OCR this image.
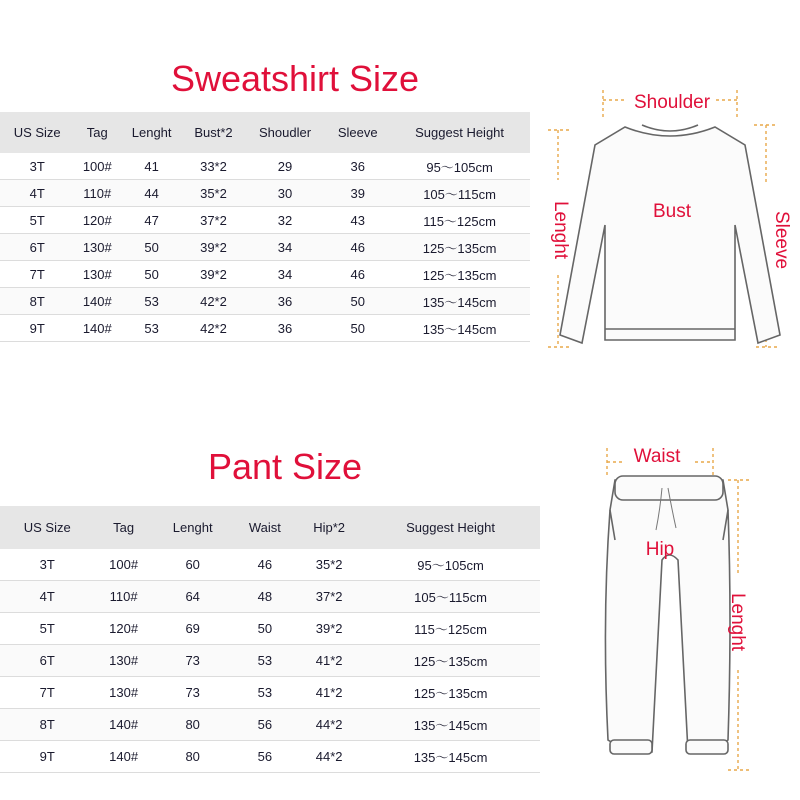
Sweatshirt Size
US Size	Tag	Lenght	Bust*2	Shoudler	Sleeve	Suggest Height
3T	100#	41	33*2	29	36	95～105cm
4T	110#	44	35*2	30	39	105～115cm
5T	120#	47	37*2	32	43	115～125cm
6T	130#	50	39*2	34	46	125～135cm
7T	130#	50	39*2	34	46	125～135cm
8T	140#	53	42*2	36	50	135～145cm
9T	140#	53	42*2	36	50	135～145cm
Shoulder
Bust
Lenght	Sleeve
Pant Size
US Size	Tag	Lenght	Waist	Hip*2	Suggest Height
3T	100#	60	46	35*2	95～105cm
4T	110#	64	48	37*2	105～115cm
5T	120#	69	50	39*2	115～125cm
6T	130#	73	53	41*2	125～135cm
7T	130#	73	53	41*2	125～135cm
8T	140#	80	56	44*2	135～145cm
9T	140#	80	56	44*2	135～145cm
Waist
Hip
Lenght
